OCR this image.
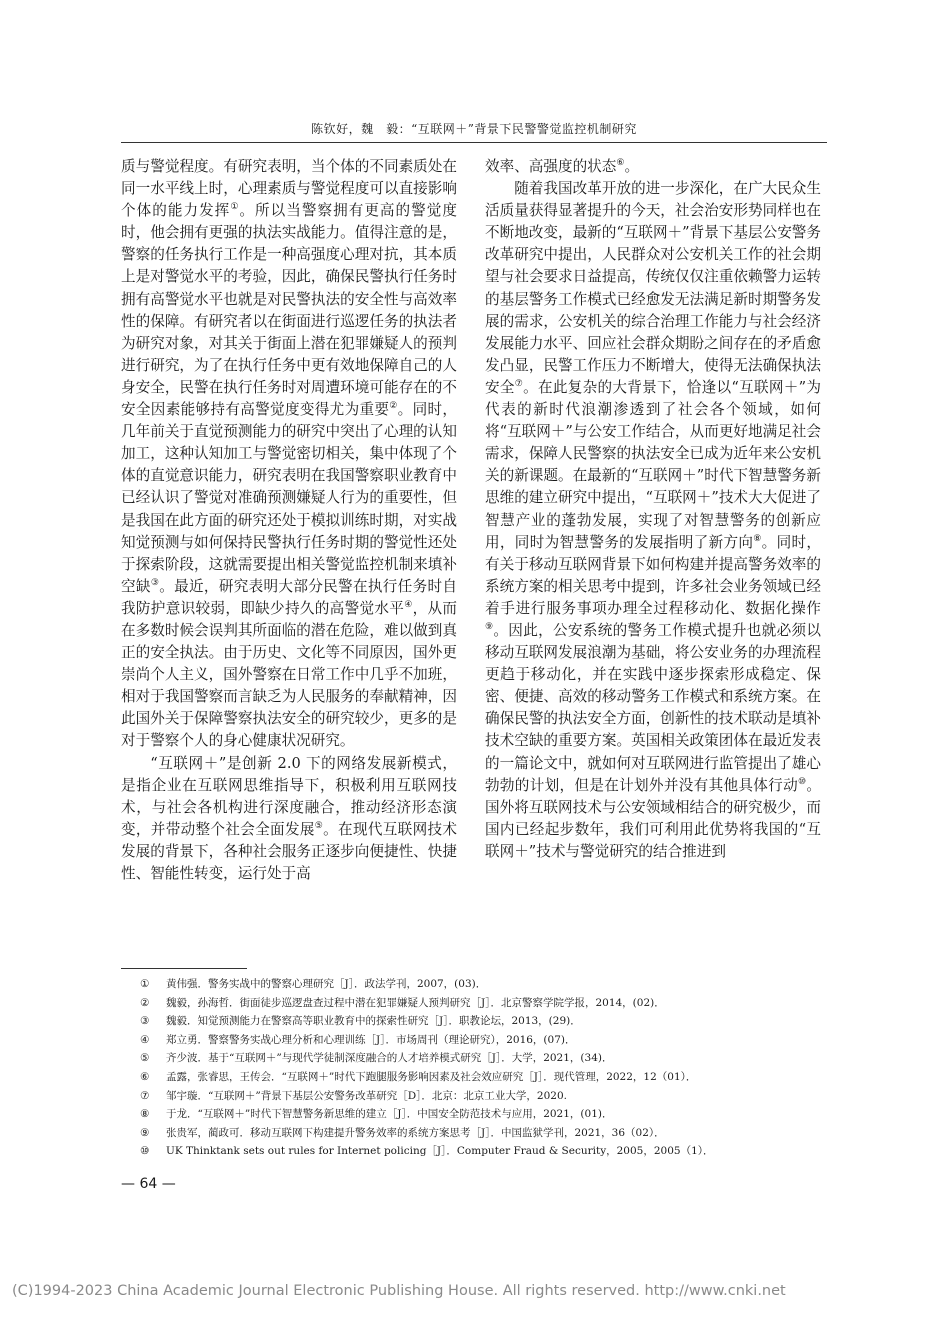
陈钦好，魏　毅：“互联网＋”背景下民警警觉监控机制研究

质与警觉程度。有研究表明，当个体的不同素质处在同一水平线上时，心理素质与警觉程度可以直接影响个体的能力发挥①。所以当警察拥有更高的警觉度时，他会拥有更强的执法实战能力。值得注意的是，警察的任务执行工作是一种高强度心理对抗，其本质上是对警觉水平的考验，因此，确保民警执行任务时拥有高警觉水平也就是对民警执法的安全性与高效率性的保障。有研究者以在街面进行巡逻任务的执法者为研究对象，对其关于街面上潜在犯罪嫌疑人的预判进行研究，为了在执行任务中更有效地保障自己的人身安全，民警在执行任务时对周遭环境可能存在的不安全因素能够持有高警觉度变得尤为重要②。同时，几年前关于直觉预测能力的研究中突出了心理的认知加工，这种认知加工与警觉密切相关，集中体现了个体的直觉意识能力，研究表明在我国警察职业教育中已经认识了警觉对准确预测嫌疑人行为的重要性，但是我国在此方面的研究还处于模拟训练时期，对实战知觉预测与如何保持民警执行任务时期的警觉性还处于探索阶段，这就需要提出相关警觉监控机制来填补空缺③。最近，研究表明大部分民警在执行任务时自我防护意识较弱，即缺少持久的高警觉水平④，从而在多数时候会误判其所面临的潜在危险，难以做到真正的安全执法。由于历史、文化等不同原因，国外更崇尚个人主义，国外警察在日常工作中几乎不加班，相对于我国警察而言缺乏为人民服务的奉献精神，因此国外关于保障警察执法安全的研究较少，更多的是对于警察个人的身心健康状况研究。

“互联网＋”是创新 2.0 下的网络发展新模式，是指企业在互联网思维指导下，积极利用互联网技术，与社会各机构进行深度融合，推动经济形态演变，并带动整个社会全面发展⑤。在现代互联网技术发展的背景下，各种社会服务正逐步向便捷性、快捷性、智能性转变，运行处于高

效率、高强度的状态⑥。

随着我国改革开放的进一步深化，在广大民众生活质量获得显著提升的今天，社会治安形势同样也在不断地改变，最新的“互联网＋”背景下基层公安警务改革研究中提出，人民群众对公安机关工作的社会期望与社会要求日益提高，传统仅仅注重依赖警力运转的基层警务工作模式已经愈发无法满足新时期警务发展的需求，公安机关的综合治理工作能力与社会经济发展能力水平、回应社会群众期盼之间存在的矛盾愈发凸显，民警工作压力不断增大，使得无法确保执法安全⑦。在此复杂的大背景下，恰逢以“互联网＋”为代表的新时代浪潮渗透到了社会各个领域，如何将“互联网＋”与公安工作结合，从而更好地满足社会需求，保障人民警察的执法安全已成为近年来公安机关的新课题。在最新的“互联网＋”时代下智慧警务新思维的建立研究中提出，“互联网＋”技术大大促进了智慧产业的蓬勃发展，实现了对智慧警务的创新应用，同时为智慧警务的发展指明了新方向⑧。同时，有关于移动互联网背景下如何构建并提高警务效率的系统方案的相关思考中提到，许多社会业务领域已经着手进行服务事项办理全过程移动化、数据化操作⑨。因此，公安系统的警务工作模式提升也就必须以移动互联网发展浪潮为基础，将公安业务的办理流程更趋于移动化，并在实践中逐步探索形成稳定、保密、便捷、高效的移动警务工作模式和系统方案。在确保民警的执法安全方面，创新性的技术联动是填补技术空缺的重要方案。英国相关政策团体在最近发表的一篇论文中，就如何对互联网进行监管提出了雄心勃勃的计划，但是在计划外并没有其他具体行动⑩。国外将互联网技术与公安领域相结合的研究极少，而国内已经起步数年，我们可利用此优势将我国的“互联网＋”技术与警觉研究的结合推进到

①	黄伟强．警务实战中的警察心理研究［J］．政法学刊，2007，(03)．
②	魏毅，孙海哲．街面徒步巡逻盘查过程中潜在犯罪嫌疑人预判研究［J］．北京警察学院学报，2014，(02)．
③	魏毅．知觉预测能力在警察高等职业教育中的探索性研究［J］．职教论坛，2013，(29)．
④	郑立勇．警察警务实战心理分析和心理训练［J］．市场周刊（理论研究），2016，(07)．
⑤	齐少波．基于“互联网＋”与现代学徒制深度融合的人才培养模式研究［J］．大学，2021，(34)．
⑥	孟露，张睿思，王传会．“互联网＋”时代下跑腿服务影响因素及社会效应研究［J］．现代管理，2022，12（01）．
⑦	邹宇璇．“互联网＋”背景下基层公安警务改革研究［D］．北京：北京工业大学，2020.
⑧	于龙．“互联网＋”时代下智慧警务新思维的建立［J］．中国安全防范技术与应用，2021，(01)．
⑨	张贵军，蔺政可．移动互联网下构建提升警务效率的系统方案思考［J］．中国监狱学刊，2021，36（02）．
⑩	UK Thinktank sets out rules for Internet policing［J］．Computer Fraud & Security，2005，2005（1）．
— 64 —
(C)1994-2023 China Academic Journal Electronic Publishing House. All rights reserved. http://www.cnki.net
